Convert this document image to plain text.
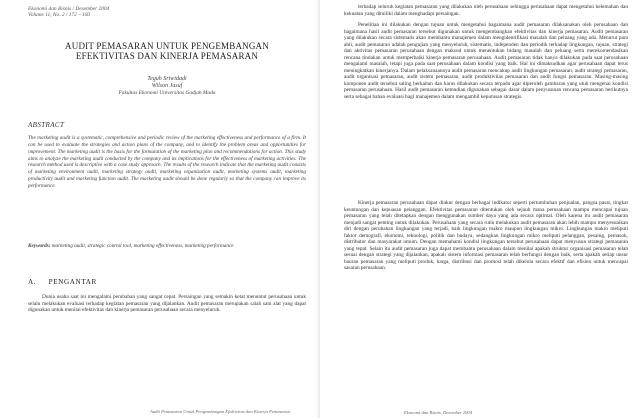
Ekonomi dan Bisnis / Desember 2004
Volume 11, No. 2 / 172 – 183
AUDIT PEMASARAN UNTUK PENGEMBANGAN EFEKTIVITAS DAN KINERJA PEMASARAN
Teguh Sriwidadi
Wilson Jusuf
Fakultas Ekonomi Universitas Gadjah Mada
ABSTRACT
The marketing audit is a systematic, comprehensive and periodic review of the marketing effectiveness and performance of a firm. It can be used to evaluate the strategies and action plans of the company, and to identify the problem areas and opportunities for improvement. The marketing audit is the basis for the formulation of the marketing plan and recommendations for action. This study aims to analyze the marketing audit conducted by the company and its implications for the effectiveness of marketing activities. The research method used is descriptive with a case study approach. The results of the research indicate that the marketing audit consists of marketing environment audit, marketing strategy audit, marketing organization audit, marketing systems audit, marketing productivity audit and marketing function audit. The marketing audit should be done regularly so that the company can improve its performance.
Keywords: marketing audit, strategic control tool, marketing effectiveness, marketing performance
A. PENGANTAR
Dunia usaha saat ini mengalami perubahan yang sangat cepat. Persaingan yang semakin ketat menuntut perusahaan untuk selalu melakukan evaluasi terhadap kegiatan pemasaran yang dijalankan. Audit pemasaran merupakan salah satu alat yang dapat digunakan untuk menilai efektivitas dan kinerja pemasaran perusahaan secara menyeluruh.
Audit Pemasaran Untuk Pengembangan Efektivitas dan Kinerja Pemasaran

terhadap seluruh kegiatan pemasaran yang dilakukan oleh perusahaan sehingga perusahaan dapat mengetahui kelemahan dan kekuatan yang dimiliki dalam menghadapi persaingan.

Penelitian ini dilakukan dengan tujuan untuk mengetahui bagaimana audit pemasaran dilaksanakan oleh perusahaan dan bagaimana hasil audit pemasaran tersebut digunakan untuk mengembangkan efektivitas dan kinerja pemasaran. Audit pemasaran yang dilakukan secara sistematis akan membantu manajemen dalam mengidentifikasi masalah dan peluang yang ada. Menurut para ahli, audit pemasaran adalah pengujian yang menyeluruh, sistematis, independen dan periodik terhadap lingkungan, tujuan, strategi dan aktivitas pemasaran perusahaan dengan maksud untuk menentukan bidang masalah dan peluang serta merekomendasikan rencana tindakan untuk memperbaiki kinerja pemasaran perusahaan. Audit pemasaran tidak hanya dilakukan pada saat perusahaan mengalami masalah, tetapi juga pada saat perusahaan dalam kondisi yang baik. Hal ini dimaksudkan agar perusahaan dapat terus meningkatkan kinerjanya. Dalam pelaksanaannya audit pemasaran mencakup audit lingkungan pemasaran, audit strategi pemasaran, audit organisasi pemasaran, audit sistem pemasaran, audit produktivitas pemasaran dan audit fungsi pemasaran. Masing-masing komponen audit tersebut saling berkaitan dan harus dilakukan secara terpadu agar diperoleh gambaran yang utuh mengenai kondisi pemasaran perusahaan. Hasil audit pemasaran kemudian digunakan sebagai dasar dalam penyusunan rencana pemasaran berikutnya serta sebagai bahan evaluasi bagi manajemen dalam mengambil keputusan strategis.

Kinerja pemasaran perusahaan dapat diukur dengan berbagai indikator seperti pertumbuhan penjualan, pangsa pasar, tingkat keuntungan dan kepuasan pelanggan. Efektivitas pemasaran ditentukan oleh sejauh mana perusahaan mampu mencapai tujuan pemasaran yang telah ditetapkan dengan menggunakan sumber daya yang ada secara optimal. Oleh karena itu audit pemasaran menjadi sangat penting untuk dilakukan. Perusahaan yang secara rutin melakukan audit pemasaran akan lebih mampu menyesuaikan diri dengan perubahan lingkungan yang terjadi, baik lingkungan makro maupun lingkungan mikro. Lingkungan makro meliputi faktor demografi, ekonomi, teknologi, politik dan budaya, sedangkan lingkungan mikro meliputi pelanggan, pesaing, pemasok, distributor dan masyarakat umum. Dengan memahami kondisi lingkungan tersebut perusahaan dapat menyusun strategi pemasaran yang tepat. Selain itu audit pemasaran juga dapat membantu perusahaan dalam menilai apakah struktur organisasi pemasaran telah sesuai dengan strategi yang dijalankan, apakah sistem informasi pemasaran telah berfungsi dengan baik, serta apakah setiap unsur bauran pemasaran yang meliputi produk, harga, distribusi dan promosi telah dikelola secara efektif dan efisien untuk mencapai sasaran perusahaan.

Ekonomi dan Bisnis, Desember 2004
